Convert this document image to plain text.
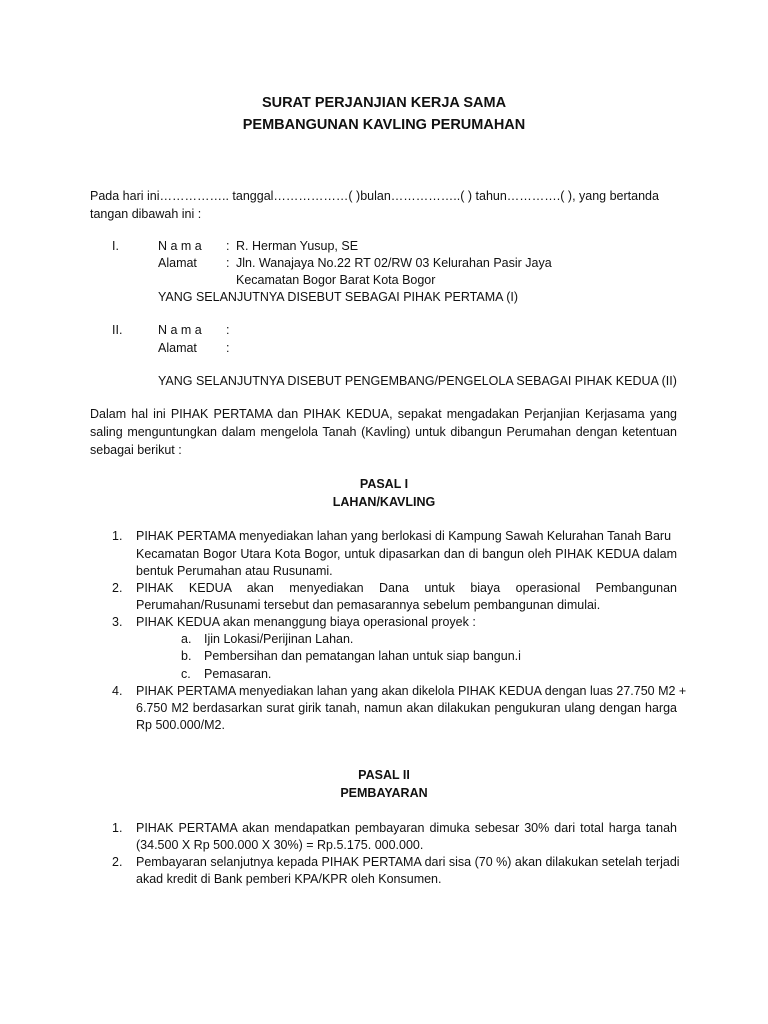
SURAT PERJANJIAN KERJA SAMA
PEMBANGUNAN KAVLING PERUMAHAN
Pada hari ini…………….. tanggal………………( )bulan……………..( ) tahun………….( ), yang bertanda
tangan dibawah ini :
I.	N a m a : R. Herman Yusup, SE
Alamat : Jln. Wanajaya No.22 RT 02/RW 03 Kelurahan Pasir Jaya
Kecamatan Bogor Barat Kota Bogor
YANG SELANJUTNYA DISEBUT SEBAGAI PIHAK PERTAMA (I)
II.	N a m a :
Alamat :
YANG SELANJUTNYA DISEBUT PENGEMBANG/PENGELOLA SEBAGAI PIHAK KEDUA (II)
Dalam hal ini PIHAK PERTAMA dan PIHAK KEDUA, sepakat mengadakan Perjanjian Kerjasama yang
saling menguntungkan dalam mengelola Tanah (Kavling) untuk dibangun Perumahan dengan ketentuan
sebagai berikut :
PASAL I
LAHAN/KAVLING
1. PIHAK PERTAMA menyediakan lahan yang berlokasi di Kampung Sawah Kelurahan Tanah Baru
Kecamatan Bogor Utara Kota Bogor, untuk dipasarkan dan di bangun oleh PIHAK KEDUA dalam
bentuk Perumahan atau Rusunami.
2. PIHAK KEDUA akan menyediakan Dana untuk biaya operasional Pembangunan
Perumahan/Rusunami tersebut dan pemasarannya sebelum pembangunan dimulai.
3. PIHAK KEDUA akan menanggung biaya operasional proyek :
a. Ijin Lokasi/Perijinan Lahan.
b. Pembersihan dan pematangan lahan untuk siap bangun.i
c. Pemasaran.
4. PIHAK PERTAMA menyediakan lahan yang akan dikelola PIHAK KEDUA dengan luas 27.750 M2 +
6.750 M2 berdasarkan surat girik tanah, namun akan dilakukan pengukuran ulang dengan harga
Rp 500.000/M2.
PASAL II
PEMBAYARAN
1. PIHAK PERTAMA akan mendapatkan pembayaran dimuka sebesar 30% dari total harga tanah
(34.500 X Rp 500.000 X 30%) = Rp.5.175. 000.000.
2. Pembayaran selanjutnya kepada PIHAK PERTAMA dari sisa (70 %) akan dilakukan setelah terjadi
akad kredit di Bank pemberi KPA/KPR oleh Konsumen.
